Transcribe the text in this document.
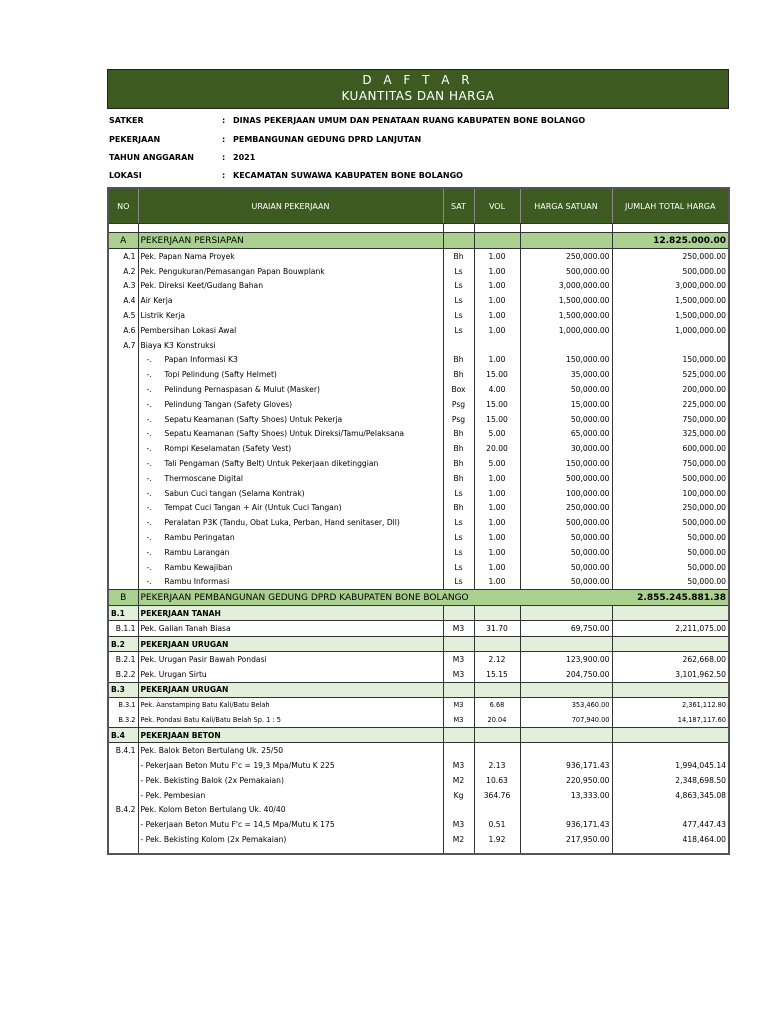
D A F T A R
KUANTITAS DAN HARGA
SATKER	: DINAS PEKERJAAN UMUM DAN PENATAAN RUANG KABUPATEN BONE BOLANGO
PEKERJAAN	: PEMBANGUNAN GEDUNG DPRD LANJUTAN
TAHUN ANGGARAN	: 2021
LOKASI	: KECAMATAN SUWAWA KABUPATEN BONE BOLANGO
NO	URAIAN PEKERJAAN	SAT	VOL	HARGA SATUAN	JUMLAH TOTAL HARGA

A	PEKERJAAN PERSIAPAN				12.825.000.00
A.1	Pek. Papan Nama Proyek	Bh	1.00	250,000.00	250,000.00
A.2	Pek. Pengukuran/Pemasangan Papan Bouwplank	Ls	1.00	500,000.00	500,000.00
A.3	Pek. Direksi Keet/Gudang Bahan	Ls	1.00	3,000,000.00	3,000,000.00
A.4	Air Kerja	Ls	1.00	1,500,000.00	1,500,000.00
A.5	Listrik Kerja	Ls	1.00	1,500,000.00	1,500,000.00
A.6	Pembersihan Lokasi Awal	Ls	1.00	1,000,000.00	1,000,000.00
A.7	Biaya K3 Konstruksi				
	-. Papan Informasi K3	Bh	1.00	150,000.00	150,000.00
	-. Topi Pelindung (Safty Helmet)	Bh	15.00	35,000.00	525,000.00
	-. Pelindung Pernaspasan & Mulut (Masker)	Box	4.00	50,000.00	200,000.00
	-. Pelindung Tangan (Safety Gloves)	Psg	15.00	15,000.00	225,000.00
	-. Sepatu Keamanan (Safty Shoes) Untuk Pekerja	Psg	15.00	50,000.00	750,000.00
	-. Sepatu Keamanan (Safty Shoes) Untuk Direksi/Tamu/Pelaksana	Bh	5.00	65,000.00	325,000.00
	-. Rompi Keselamatan (Safety Vest)	Bh	20.00	30,000.00	600,000.00
	-. Tali Pengaman (Safty Belt) Untuk Pekerjaan diketinggian	Bh	5.00	150,000.00	750,000.00
	-. Thermoscane Digital	Bh	1.00	500,000.00	500,000.00
	-. Sabun Cuci tangan (Selama Kontrak)	Ls	1.00	100,000.00	100,000.00
	-. Tempat Cuci Tangan + Air (Untuk Cuci Tangan)	Bh	1.00	250,000.00	250,000.00
	-. Peralatan P3K (Tandu, Obat Luka, Perban, Hand senitaser, Dll)	Ls	1.00	500,000.00	500,000.00
	-. Rambu Peringatan	Ls	1.00	50,000.00	50,000.00
	-. Rambu Larangan	Ls	1.00	50,000.00	50,000.00
	-. Rambu Kewajiban	Ls	1.00	50,000.00	50,000.00
	-. Rambu Informasi	Ls	1.00	50,000.00	50,000.00
B	PEKERJAAN PEMBANGUNAN GEDUNG DPRD KABUPATEN BONE BOLANGO				2.855.245.881.38
B.1	PEKERJAAN TANAH				
B.1.1	Pek. Galian Tanah Biasa	M3	31.70	69,750.00	2,211,075.00
B.2	PEKERJAAN URUGAN				
B.2.1	Pek. Urugan Pasir Bawah Pondasi	M3	2.12	123,900.00	262,668.00
B.2.2	Pek. Urugan Sirtu	M3	15.15	204,750.00	3,101,962.50
B.3	PEKERJAAN URUGAN				
B.3.1	Pek. Aanstamping Batu Kali/Batu Belah	M3	6.68	353,460.00	2,361,112.80
B.3.2	Pek. Pondasi Batu Kali/Batu Belah Sp. 1 : 5	M3	20.04	707,940.00	14,187,117.60
B.4	PEKERJAAN BETON				
B.4.1	Pek. Balok Beton Bertulang Uk. 25/50				
	- Pekerjaan Beton Mutu F'c = 19,3 Mpa/Mutu K 225	M3	2.13	936,171.43	1,994,045.14
	- Pek. Bekisting Balok (2x Pemakaian)	M2	10.63	220,950.00	2,348,698.50
	- Pek. Pembesian	Kg	364.76	13,333.00	4,863,345.08
B.4.2	Pek. Kolom Beton Bertulang Uk. 40/40				
	- Pekerjaan Beton Mutu F'c = 14,5 Mpa/Mutu K 175	M3	0.51	936,171.43	477,447.43
	- Pek. Bekisting Kolom (2x Pemakaian)	M2	1.92	217,950.00	418,464.00
